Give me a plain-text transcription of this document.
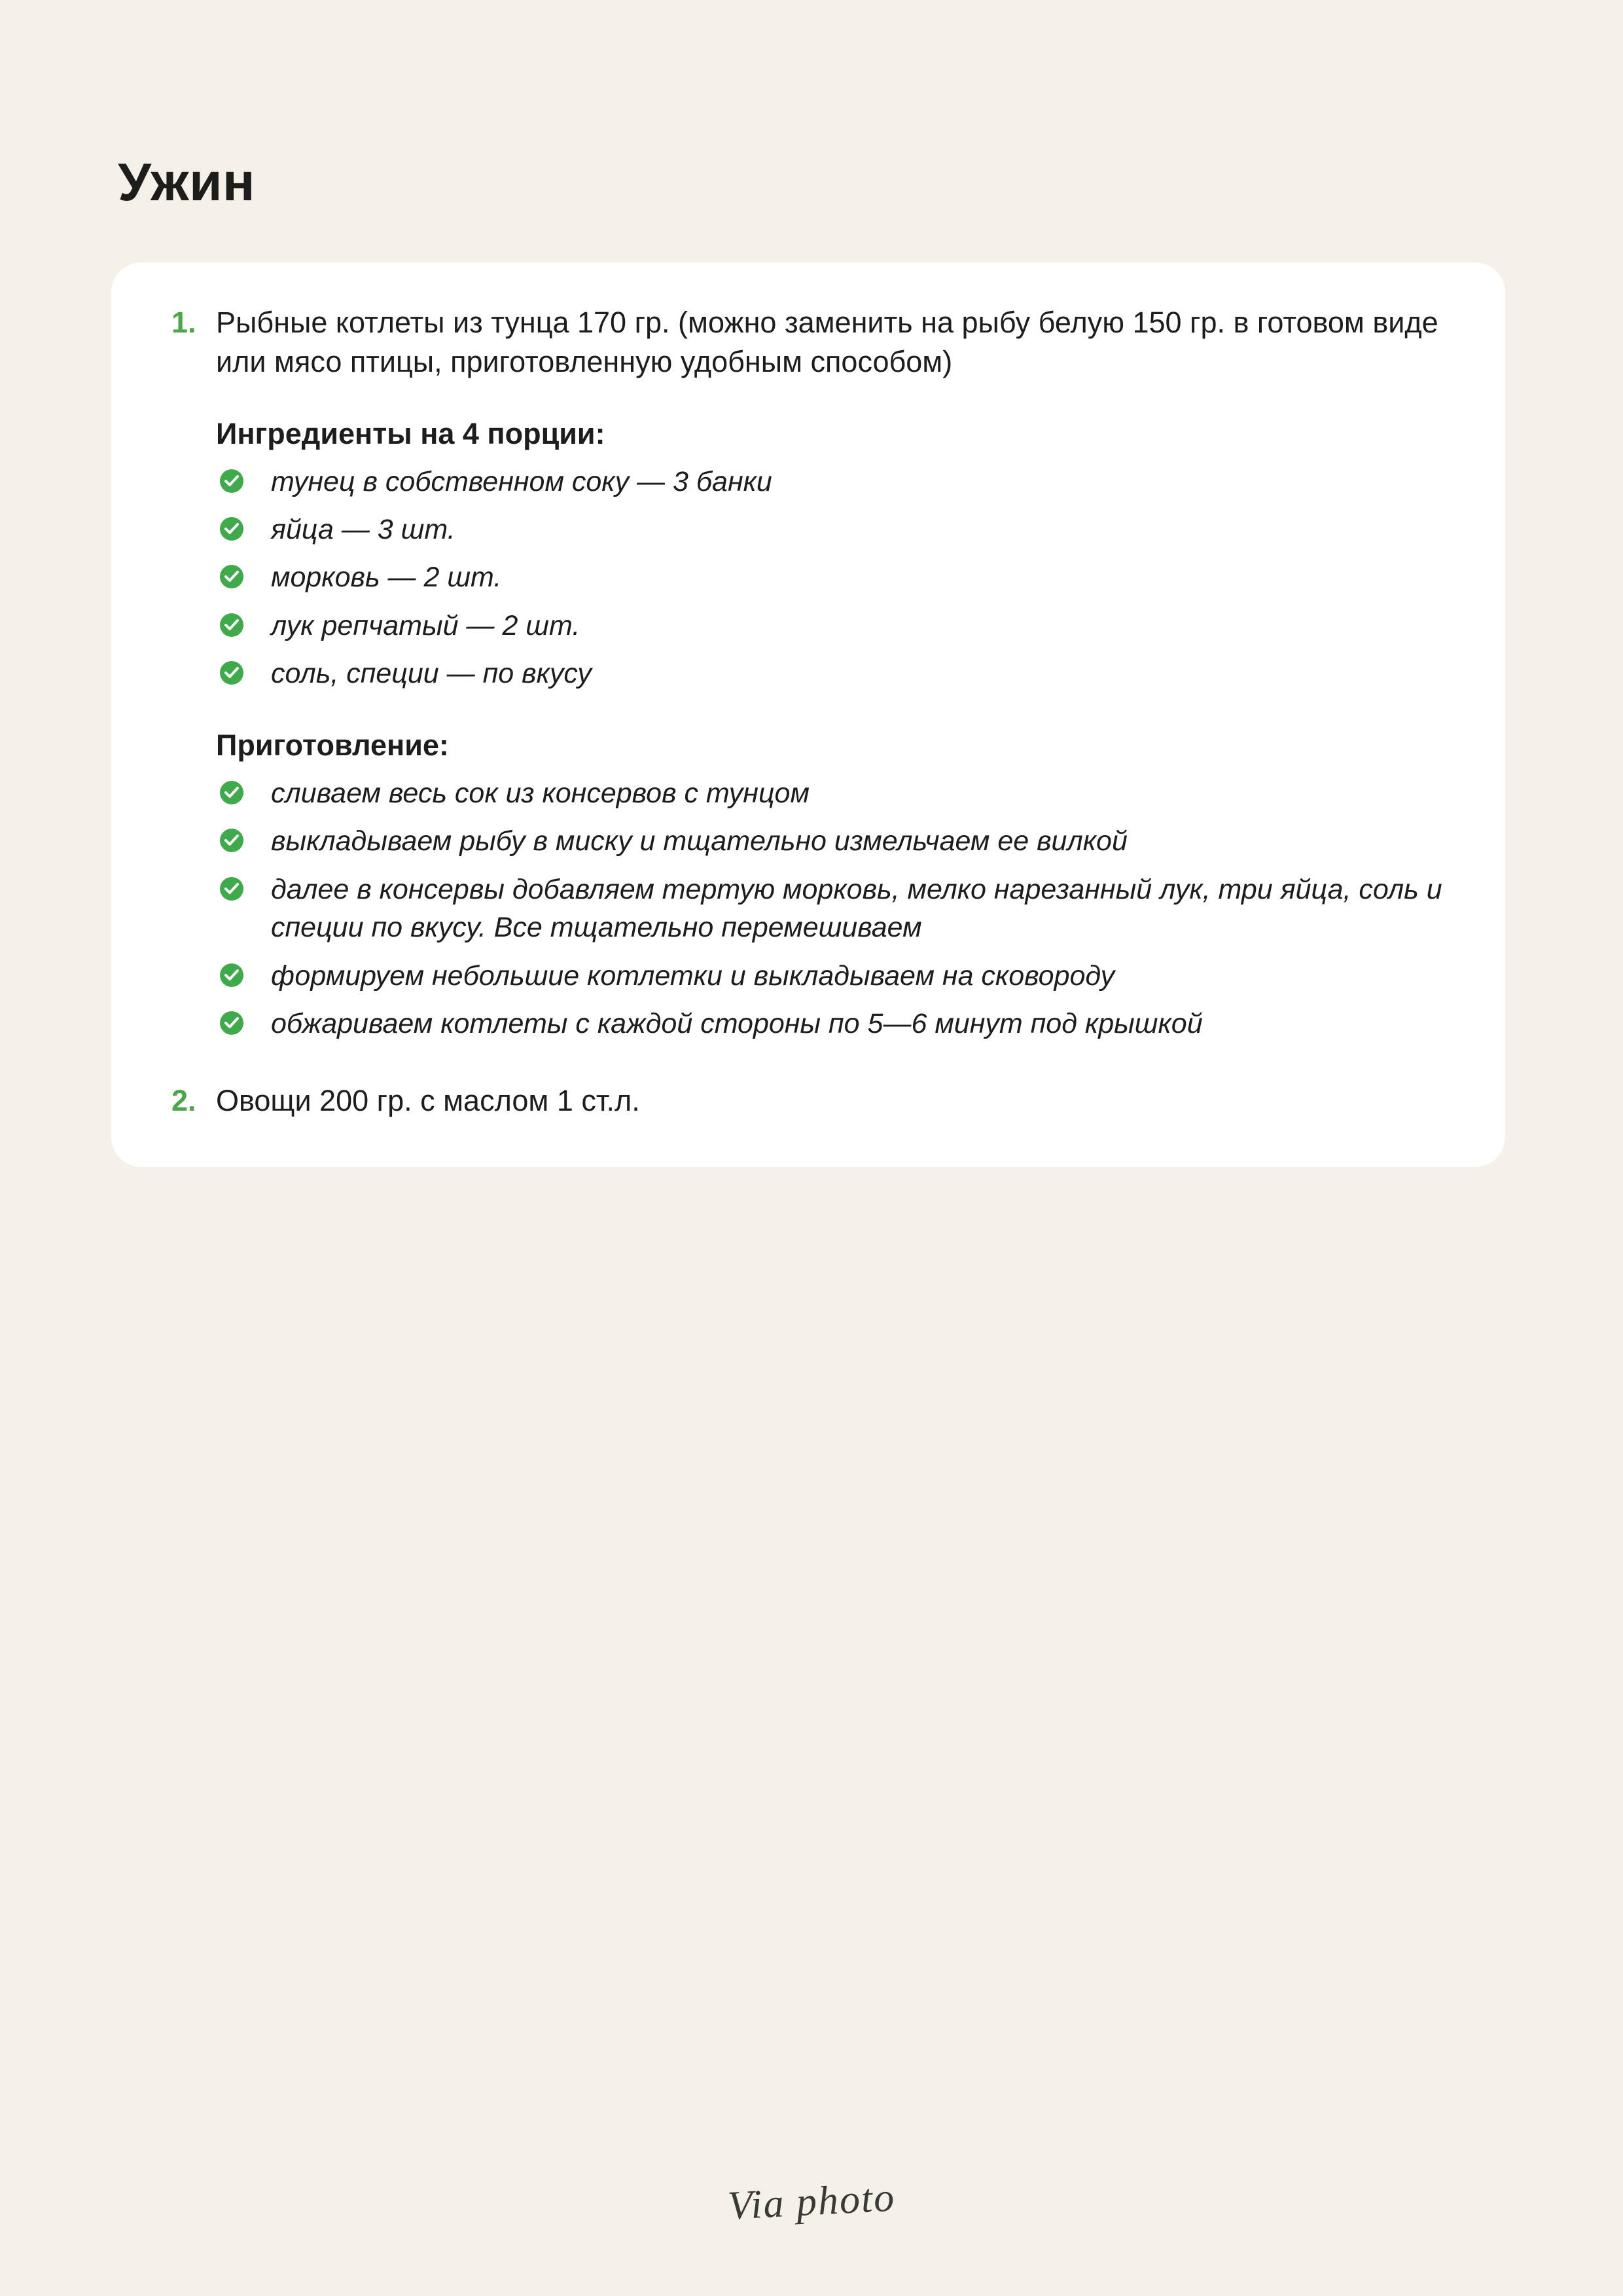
Ужин

Рыбные котлеты из тунца 170 гр. (можно заменить на рыбу белую 150 гр. в готовом виде или мясо птицы, приготовленную удобным способом)

Ингредиенты на 4 порции:
тунец в собственном соку — 3 банки
яйца — 3 шт.
морковь — 2 шт.
лук репчатый — 2 шт.
соль, специи — по вкусу
Приготовление:
сливаем весь сок из консервов с тунцом
выкладываем рыбу в миску и тщательно измельчаем ее вилкой
далее в консервы добавляем тертую морковь, мелко нарезанный лук, три яйца, соль и специи по вкусу. Все тщательно перемешиваем
формируем небольшие котлетки и выкладываем на сковороду
обжариваем котлеты с каждой стороны по 5—6 минут под крышкой

Овощи 200 гр. с маслом 1 ст.л.

Via photo
